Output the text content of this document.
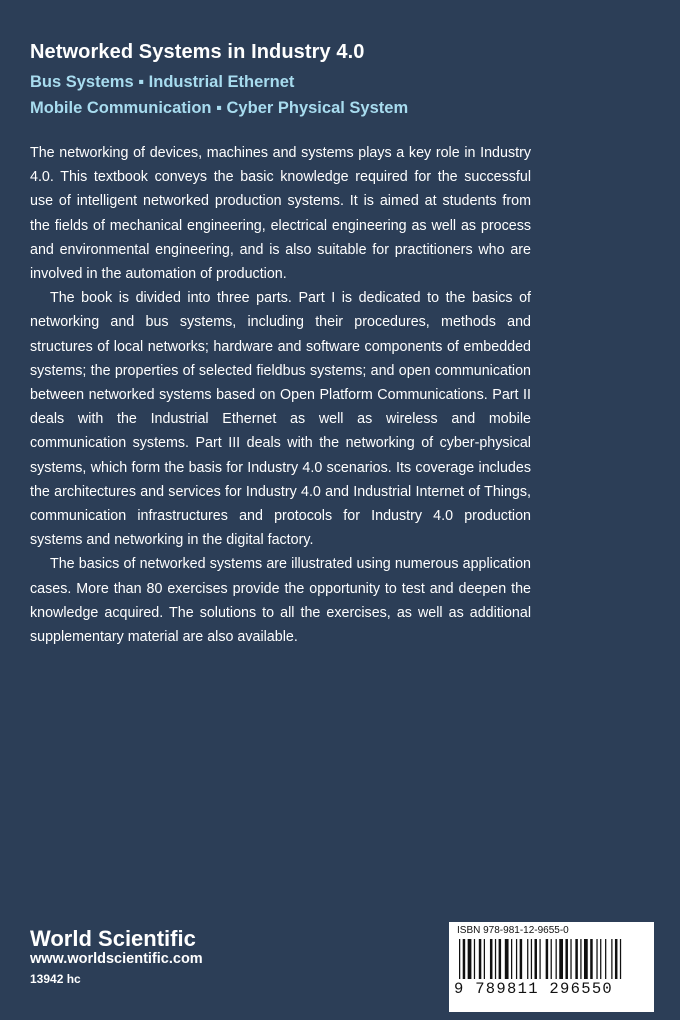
Networked Systems in Industry 4.0
Bus Systems ▪ Industrial Ethernet
Mobile Communication ▪ Cyber Physical System

The networking of devices, machines and systems plays a key role in Industry 4.0. This textbook conveys the basic knowledge required for the successful use of intelligent networked production systems. It is aimed at students from the fields of mechanical engineering, electrical engineering as well as process and environmental engineering, and is also suitable for practitioners who are involved in the automation of production.

The book is divided into three parts. Part I is dedicated to the basics of networking and bus systems, including their procedures, methods and structures of local networks; hardware and software components of embedded systems; the properties of selected fieldbus systems; and open communication between networked systems based on Open Platform Communications. Part II deals with the Industrial Ethernet as well as wireless and mobile communication systems. Part III deals with the networking of cyber-physical systems, which form the basis for Industry 4.0 scenarios. Its coverage includes the architectures and services for Industry 4.0 and Industrial Internet of Things, communication infrastructures and protocols for Industry 4.0 production systems and networking in the digital factory.

The basics of networked systems are illustrated using numerous application cases. More than 80 exercises provide the opportunity to test and deepen the knowledge acquired. The solutions to all the exercises, as well as additional supplementary material are also available.

World Scientific
www.worldscientific.com
13942 hc
ISBN 978-981-12-9655-0
9 789811 296550
